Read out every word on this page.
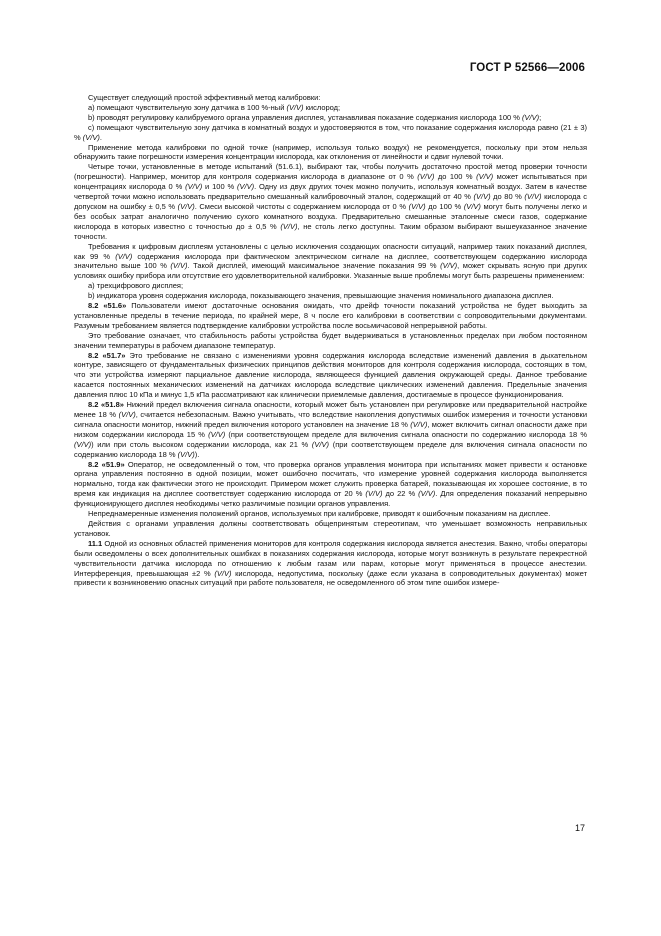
ГОСТ Р 52566—2006

Существует следующий простой эффективный метод калибровки:

a) помещают чувствительную зону датчика в 100 %-ный (V/V) кислород;

b) проводят регулировку калибруемого органа управления дисплея, устанавливая показание содержания кислорода 100 % (V/V);

c) помещают чувствительную зону датчика в комнатный воздух и удостоверяются в том, что показание содержания кислорода равно (21 ± 3) % (V/V).

Применение метода калибровки по одной точке (например, используя только воздух) не рекомендуется, поскольку при этом нельзя обнаружить такие погрешности измерения концентрации кислорода, как отклонения от линейности и сдвиг нулевой точки.

Четыре точки, установленные в методе испытаний (51.6.1), выбирают так, чтобы получить достаточно простой метод проверки точности (погрешности). Например, монитор для контроля содержания кислорода в диапазоне от 0 % (V/V) до 100 % (V/V) может испытываться при концентрациях кислорода 0 % (V/V) и 100 % (V/V). Одну из двух других точек можно получить, используя комнатный воздух. Затем в качестве четвертой точки можно использовать предварительно смешанный калибровочный эталон, содержащий от 40 % (V/V) до 80 % (V/V) кислорода с допуском на ошибку ± 0,5 % (V/V). Смеси высокой чистоты с содержанием кислорода от 0 % (V/V) до 100 % (V/V) могут быть получены легко и без особых затрат аналогично получению сухого комнатного воздуха. Предварительно смешанные эталонные смеси газов, содержание кислорода в которых известно с точностью до ± 0,5 % (V/V), не столь легко доступны. Таким образом выбирают вышеуказанное значение точности.

Требования к цифровым дисплеям установлены с целью исключения создающих опасности ситуаций, например таких показаний дисплея, как 99 % (V/V) содержания кислорода при фактическом электрическом сигнале на дисплее, соответствующем содержанию кислорода значительно выше 100 % (V/V). Такой дисплей, имеющий максимальное значение показания 99 % (V/V), может скрывать ясную при других условиях ошибку прибора или отсутствие его удовлетворительной калибровки. Указанные выше проблемы могут быть разрешены применением:

a) трехцифрового дисплея;

b) индикатора уровня содержания кислорода, показывающего значения, превышающие значения номинального диапазона дисплея.

8.2 «51.6» Пользователи имеют достаточные основания ожидать, что дрейф точности показаний устройства не будет выходить за установленные пределы в течение периода, по крайней мере, 8 ч после его калибровки в соответствии с сопроводительными документами. Разумным требованием является подтверждение калибровки устройства после восьмичасовой непрерывной работы.

Это требование означает, что стабильность работы устройства будет выдерживаться в установленных пределах при любом постоянном значении температуры в рабочем диапазоне температур.

8.2 «51.7» Это требование не связано с изменениями уровня содержания кислорода вследствие изменений давления в дыхательном контуре, зависящего от фундаментальных физических принципов действия мониторов для контроля содержания кислорода, состоящих в том, что эти устройства измеряют парциальное давление кислорода, являющееся функцией давления окружающей среды. Данное требование касается постоянных механических изменений на датчиках кислорода вследствие циклических изменений давления. Предельные значения давления плюс 10 кПа и минус 1,5 кПа рассматривают как клинически приемлемые давления, достигаемые в процессе функционирования.

8.2 «51.8» Нижний предел включения сигнала опасности, который может быть установлен при регулировке или предварительной настройке менее 18 % (V/V), считается небезопасным. Важно учитывать, что вследствие накопления допустимых ошибок измерения и точности установки сигнала опасности монитор, нижний предел включения которого установлен на значение 18 % (V/V), может включить сигнал опасности даже при низком содержании кислорода 15 % (V/V) (при соответствующем пределе для включения сигнала опасности по содержанию кислорода 18 % (V/V)) или при столь высоком содержании кислорода, как 21 % (V/V) (при соответствующем пределе для включения сигнала опасности по содержанию кислорода 18 % (V/V)).

8.2 «51.9» Оператор, не осведомленный о том, что проверка органов управления монитора при испытаниях может привести к остановке органа управления постоянно в одной позиции, может ошибочно посчитать, что измерение уровней содержания кислорода выполняется нормально, тогда как фактически этого не происходит. Примером может служить проверка батарей, показывающая их хорошее состояние, в то время как индикация на дисплее соответствует содержанию кислорода от 20 % (V/V) до 22 % (V/V). Для определения показаний непрерывно функционирующего дисплея необходимы четко различимые позиции органов управления.

Непреднамеренные изменения положений органов, используемых при калибровке, приводят к ошибочным показаниям на дисплее.

Действия с органами управления должны соответствовать общепринятым стереотипам, что уменьшает возможность неправильных установок.

11.1 Одной из основных областей применения мониторов для контроля содержания кислорода является анестезия. Важно, чтобы операторы были осведомлены о всех дополнительных ошибках в показаниях содержания кислорода, которые могут возникнуть в результате перекрестной чувствительности датчика кислорода по отношению к любым газам или парам, которые могут применяться в процессе анестезии. Интерференция, превышающая ±2 % (V/V) кислорода, недопустима, поскольку (даже если указана в сопроводительных документах) может привести к возникновению опасных ситуаций при работе пользователя, не осведомленного об этом типе ошибок измере-

17
